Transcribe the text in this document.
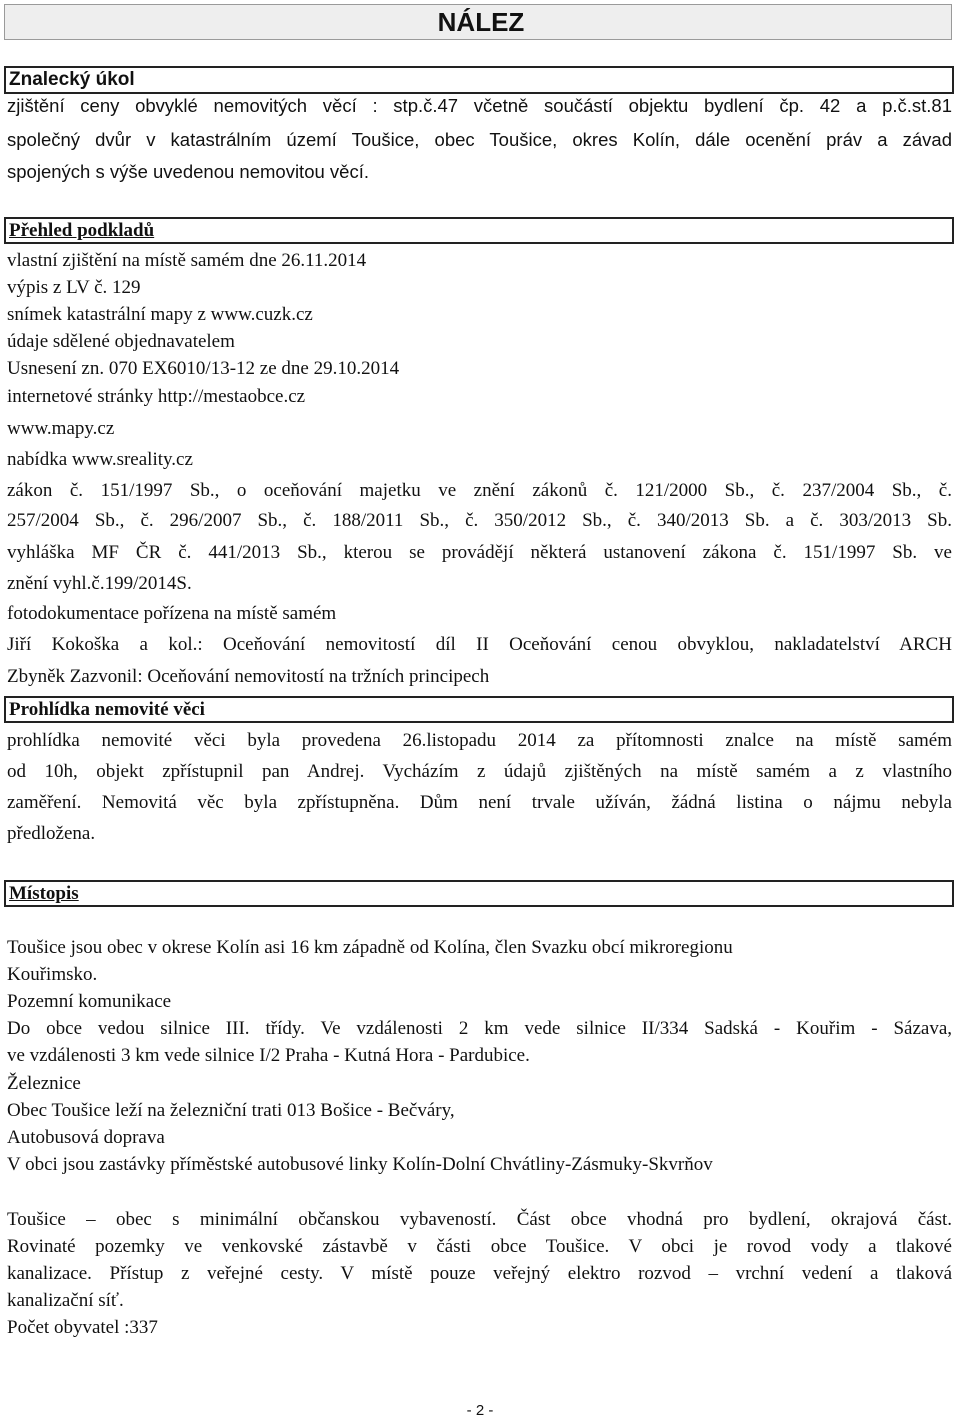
NÁLEZ
Znalecký úkol
zjištění ceny obvyklé nemovitých věcí : stp.č.47 včetně součástí objektu bydlení čp. 42 a p.č.st.81
společný dvůr v katastrálním území Toušice, obec Toušice, okres Kolín, dále ocenění práv a závad
spojených s výše uvedenou nemovitou věcí.
Přehled podkladů
vlastní zjištění na místě samém dne 26.11.2014
výpis z LV č. 129
snímek katastrální mapy z www.cuzk.cz
údaje sdělené objednavatelem
Usnesení zn. 070 EX6010/13-12 ze dne 29.10.2014
internetové stránky http://mestaobce.cz
www.mapy.cz
nabídka www.sreality.cz
zákon č. 151/1997 Sb., o oceňování majetku ve znění zákonů č. 121/2000 Sb., č. 237/2004 Sb., č.
257/2004 Sb., č. 296/2007 Sb., č. 188/2011 Sb., č. 350/2012 Sb., č. 340/2013 Sb. a č. 303/2013 Sb.
vyhláška MF ČR č. 441/2013 Sb., kterou se provádějí některá ustanovení zákona č. 151/1997 Sb. ve
znění vyhl.č.199/2014S.
fotodokumentace pořízena na místě samém
Jiří Kokoška a kol.: Oceňování nemovitostí díl II Oceňování cenou obvyklou, nakladatelství ARCH
Zbyněk Zazvonil: Oceňování nemovitostí na tržních principech
Prohlídka nemovité věci
prohlídka nemovité věci byla provedena 26.listopadu 2014 za přítomnosti znalce na místě samém
od 10h, objekt zpřístupnil pan Andrej. Vycházím z údajů zjištěných na místě samém a z vlastního
zaměření. Nemovitá věc byla zpřístupněna. Dům není trvale užíván, žádná listina o nájmu nebyla
předložena.
Místopis
Toušice jsou obec v okrese Kolín asi 16 km západně od Kolína, člen Svazku obcí mikroregionu
Kouřimsko.
Pozemní komunikace
Do obce vedou silnice III. třídy. Ve vzdálenosti 2 km vede silnice II/334 Sadská - Kouřim - Sázava,
ve vzdálenosti 3 km vede silnice I/2 Praha - Kutná Hora - Pardubice.
Železnice
Obec Toušice leží na železniční trati 013 Bošice - Bečváry,
Autobusová doprava
V obci jsou zastávky příměstské autobusové linky Kolín-Dolní Chvátliny-Zásmuky-Skvrňov
Toušice – obec s minimální občanskou vybaveností. Část obce vhodná pro bydlení, okrajová část.
Rovinaté pozemky ve venkovské zástavbě v části obce Toušice. V obci je rovod vody a tlakové
kanalizace. Přístup z veřejné cesty. V místě pouze veřejný elektro rozvod – vrchní vedení a tlaková
kanalizační síť.
Počet obyvatel :337
- 2 -
